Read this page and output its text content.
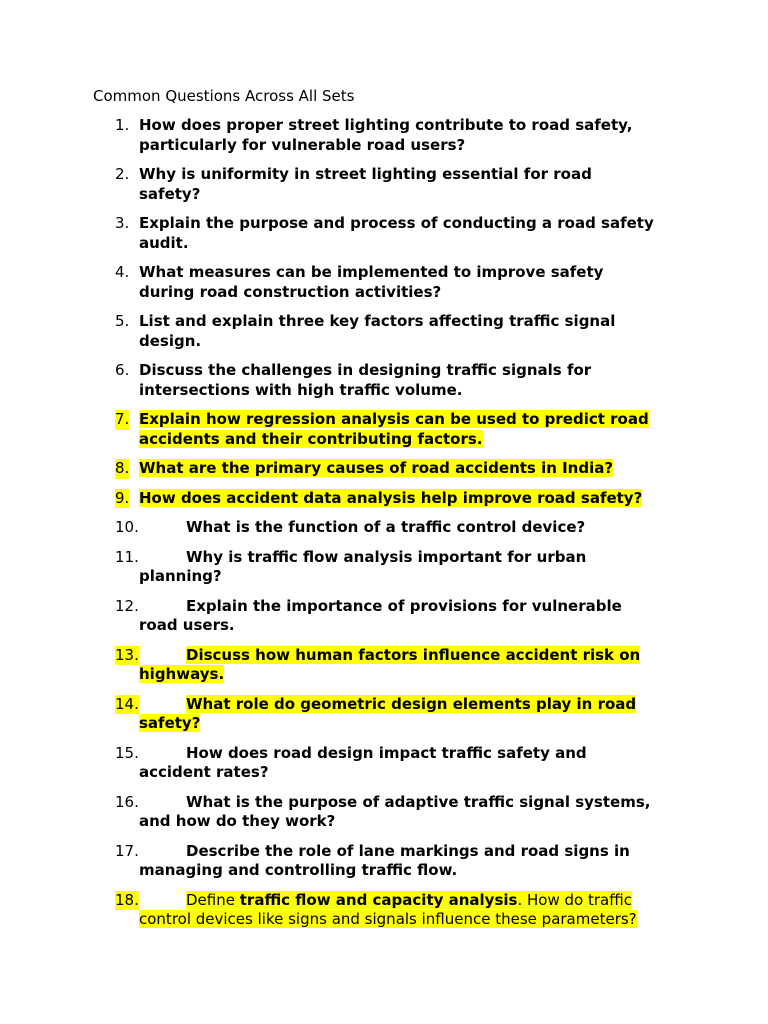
Common Questions Across All Sets
1. How does proper street lighting contribute to road safety,
particularly for vulnerable road users?
2. Why is uniformity in street lighting essential for road
safety?
3. Explain the purpose and process of conducting a road safety
audit.
4. What measures can be implemented to improve safety
during road construction activities?
5. List and explain three key factors affecting traffic signal
design.
6. Discuss the challenges in designing traffic signals for
intersections with high traffic volume.
7. Explain how regression analysis can be used to predict road
accidents and their contributing factors.
8. What are the primary causes of road accidents in India?
9. How does accident data analysis help improve road safety?
10.	What is the function of a traffic control device?
11.	Why is traffic flow analysis important for urban
planning?
12.	Explain the importance of provisions for vulnerable
road users.
13.	Discuss how human factors influence accident risk on
highways.
14.	What role do geometric design elements play in road
safety?
15.	How does road design impact traffic safety and
accident rates?
16.	What is the purpose of adaptive traffic signal systems,
and how do they work?
17.	Describe the role of lane markings and road signs in
managing and controlling traffic flow.
18.	Define traffic flow and capacity analysis. How do traffic
control devices like signs and signals influence these parameters?
